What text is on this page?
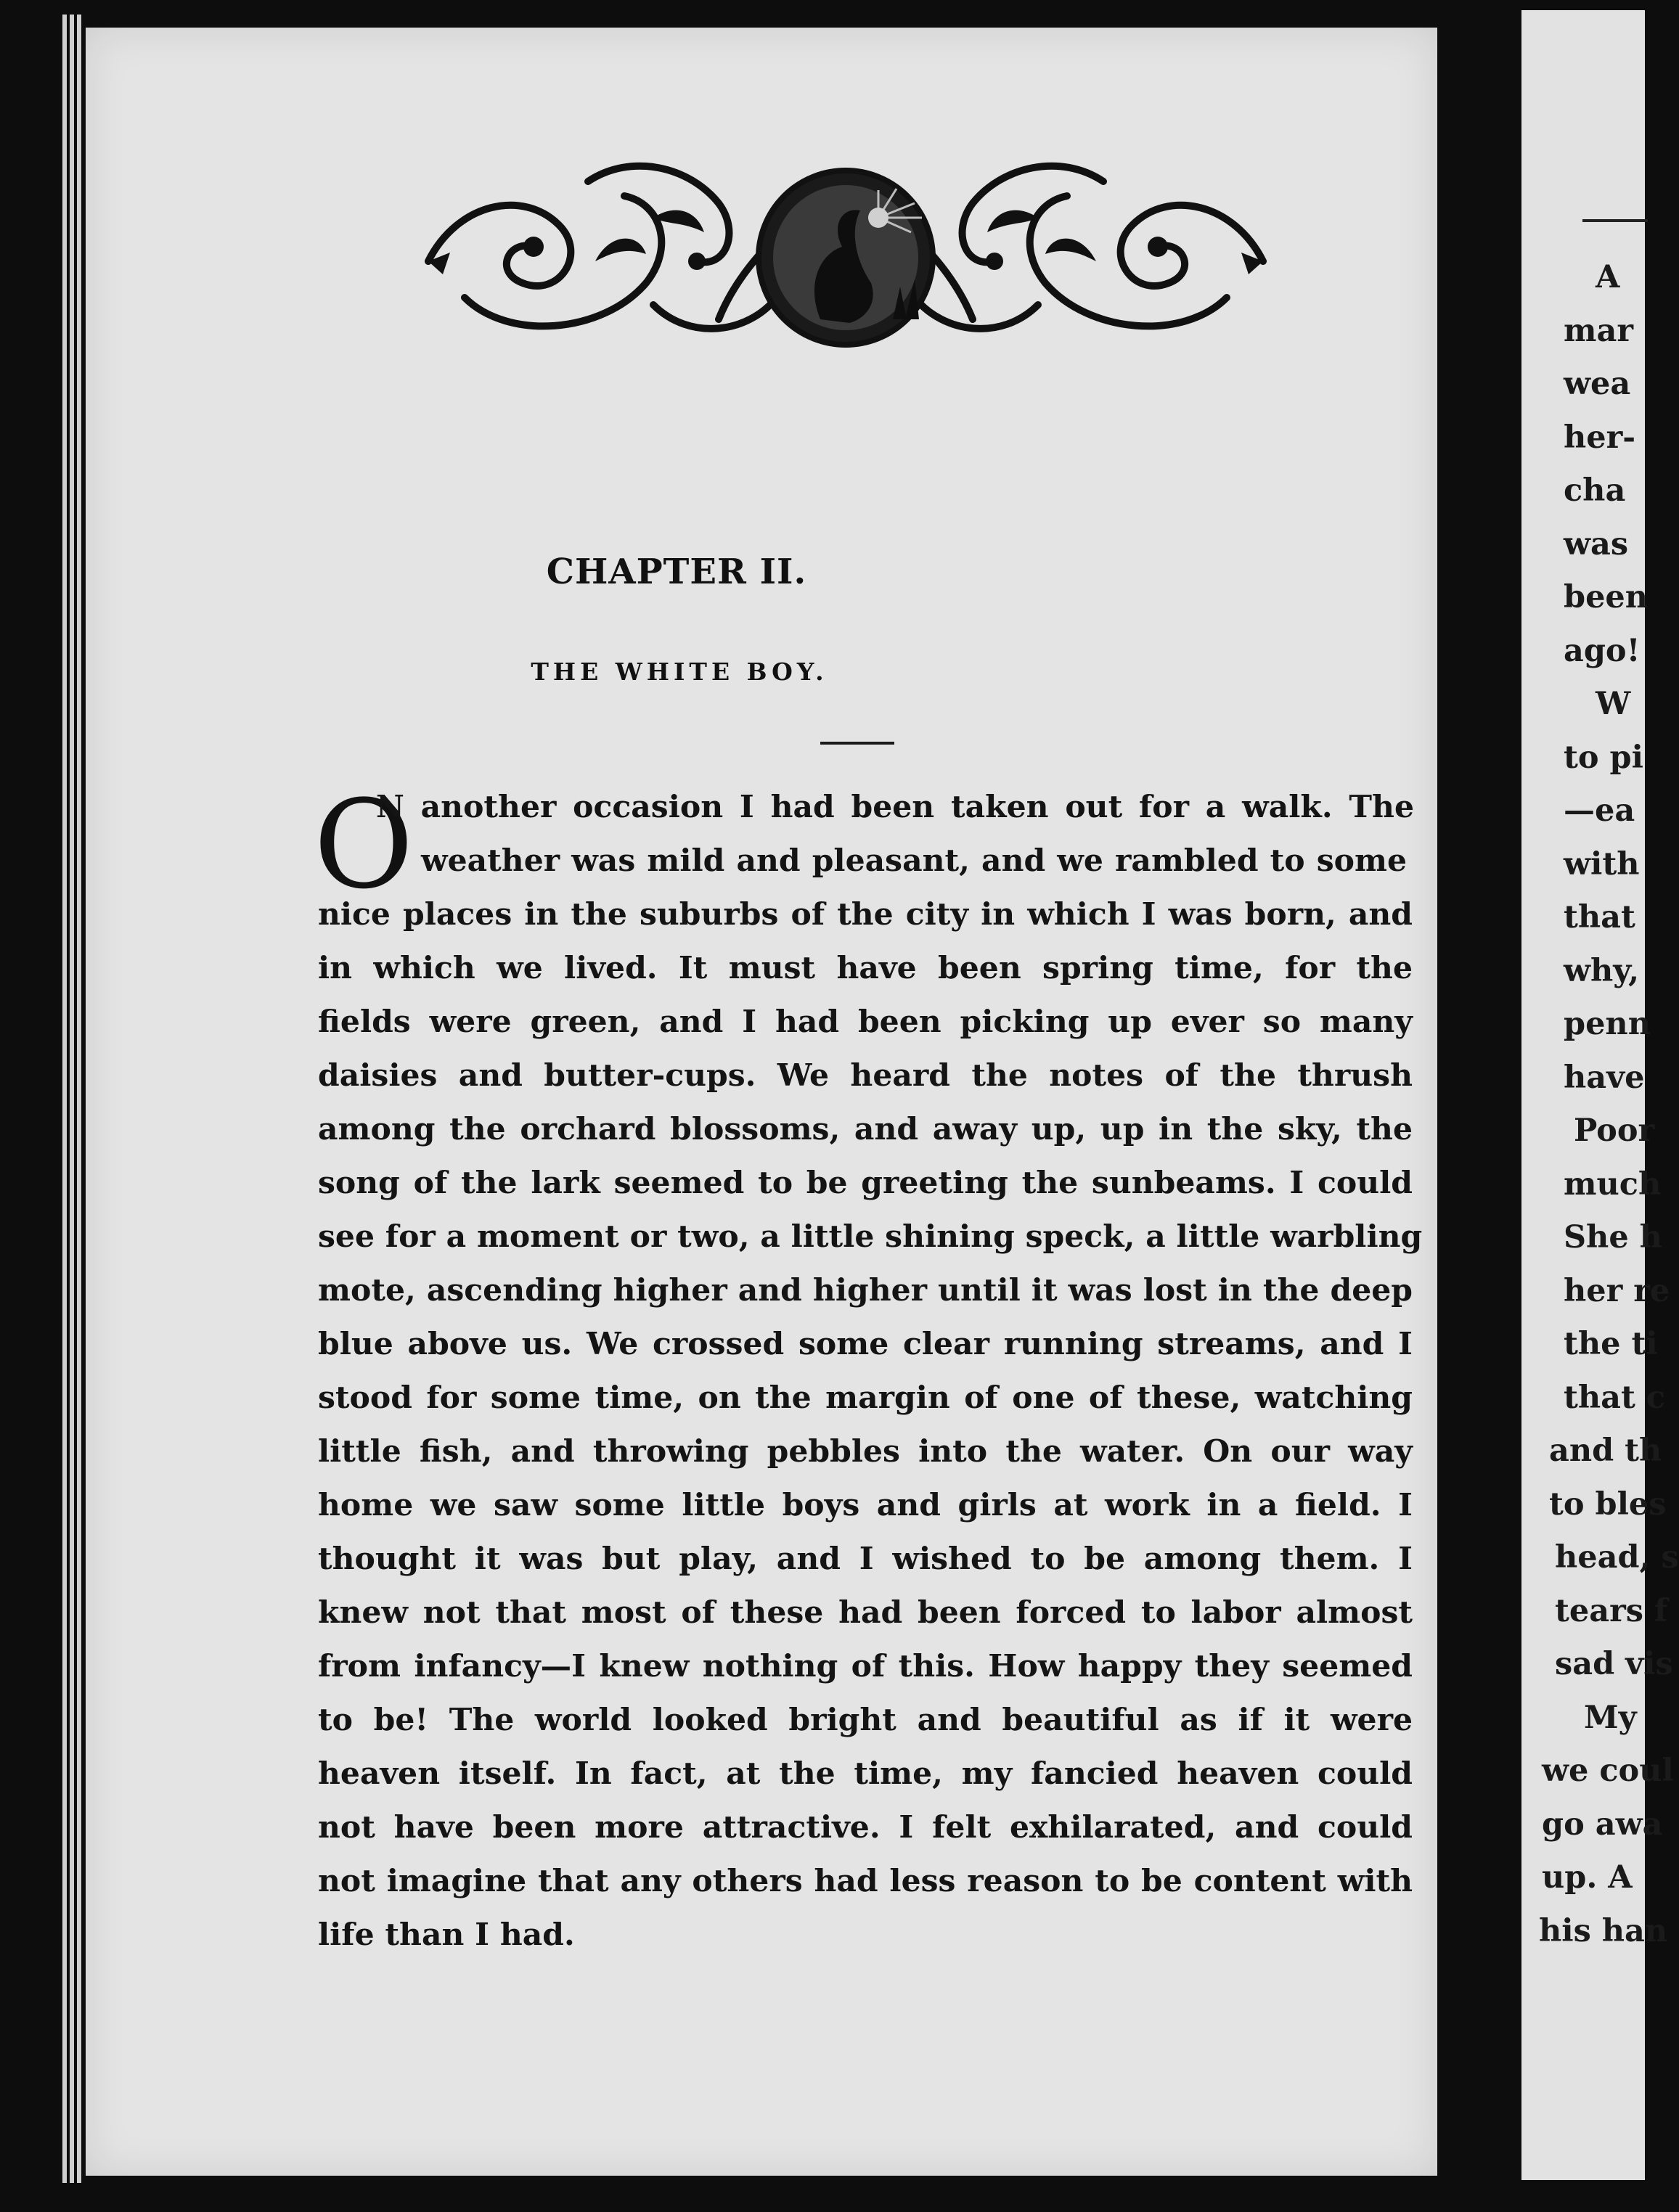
CHAPTER II.
THE WHITE BOY.
O
N another occasion I had been taken out for a walk. The
weather was mild and pleasant, and we rambled to some
nice places in the suburbs of the city in which I was born, and
in which we lived. It must have been spring time, for the
fields were green, and I had been picking up ever so many
daisies and butter-cups. We heard the notes of the thrush
among the orchard blossoms, and away up, up in the sky, the
song of the lark seemed to be greeting the sunbeams. I could
see for a moment or two, a little shining speck, a little warbling
mote, ascending higher and higher until it was lost in the deep
blue above us. We crossed some clear running streams, and I
stood for some time, on the margin of one of these, watching
little fish, and throwing pebbles into the water. On our way
home we saw some little boys and girls at work in a field. I
thought it was but play, and I wished to be among them. I
knew not that most of these had been forced to labor almost
from infancy—I knew nothing of this. How happy they seemed
to be! The world looked bright and beautiful as if it were
heaven itself. In fact, at the time, my fancied heaven could
not have been more attractive. I felt exhilarated, and could
not imagine that any others had less reason to be content with
life than I had.
A
mar
wea
her-
cha
was
been
ago!
W
to pi
—ea
with
that
why,
penn
have
Poor
much
She h
her re
the ti
that c
and th
to bles
head, s
tears f
sad vis
My
we coul
go awa
up. A
his han
